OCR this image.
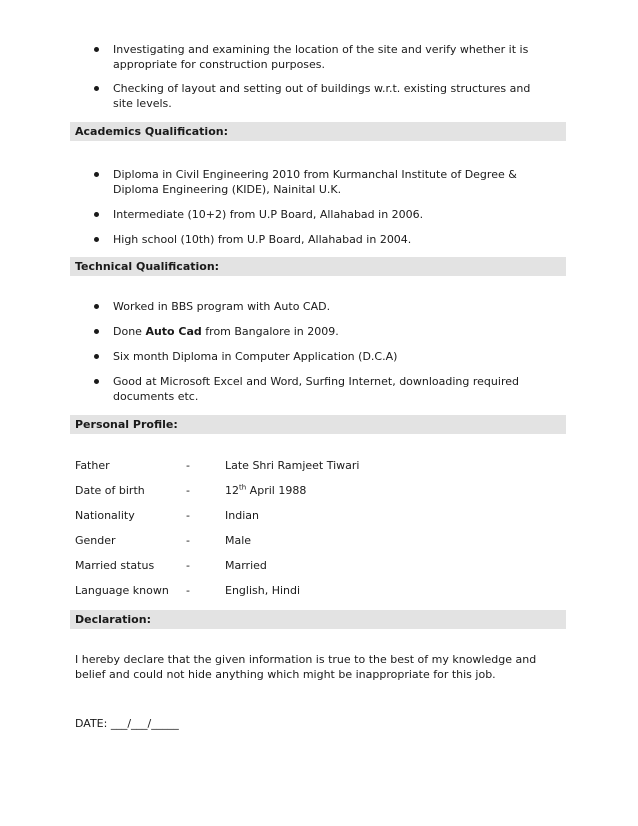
Investigating and examining the location of the site and verify whether it is appropriate for construction purposes.
Checking of layout and setting out of buildings w.r.t. existing structures and site levels.
Academics Qualification:
Diploma in Civil Engineering 2010 from Kurmanchal Institute of Degree & Diploma Engineering (KIDE), Nainital U.K.
Intermediate (10+2) from U.P Board, Allahabad in 2006.
High school (10th) from U.P Board, Allahabad in 2004.
Technical Qualification:
Worked in BBS program with Auto CAD.
Done Auto Cad from Bangalore in 2009.
Six month Diploma in Computer Application (D.C.A)
Good at Microsoft Excel and Word, Surfing Internet, downloading required documents etc.
Personal Profile:
Father	-	Late Shri Ramjeet Tiwari
Date of birth	-	12th April 1988
Nationality	-	Indian
Gender	-	Male
Married status	-	Married
Language known -	English, Hindi
Declaration:
I hereby declare that the given information is true to the best of my knowledge and belief and could not hide anything which might be inappropriate for this job.
DATE: ___/___/_____
